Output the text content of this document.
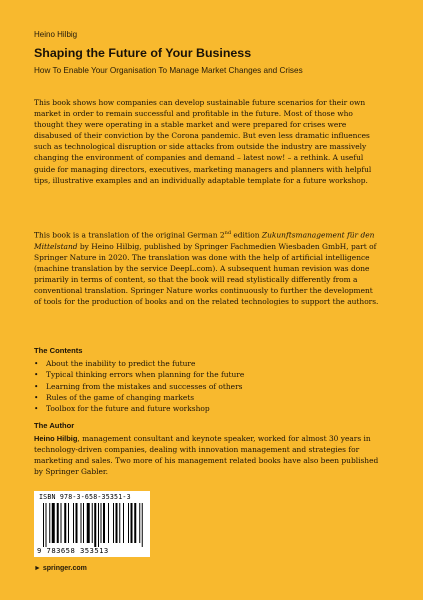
Heino Hilbig
Shaping the Future of Your Business
How To Enable Your Organisation To Manage Market Changes and Crises
This book shows how companies can develop sustainable future scenarios for their own market in order to remain successful and profitable in the future. Most of those who thought they were operating in a stable market and were prepared for crises were disabused of their conviction by the Corona pandemic. But even less dramatic influences such as technological disruption or side attacks from outside the industry are massively changing the environment of companies and demand – latest now! – a rethink. A useful guide for managing directors, executives, marketing managers and planners with helpful tips, illustrative examples and an individually adaptable template for a future workshop.
This book is a translation of the original German 2nd edition Zukunftsmanagement für den Mittelstand by Heino Hilbig, published by Springer Fachmedien Wiesbaden GmbH, part of Springer Nature in 2020. The translation was done with the help of artificial intelligence (machine translation by the service DeepL.com). A subsequent human revision was done primarily in terms of content, so that the book will read stylistically differently from a conventional translation. Springer Nature works continuously to further the development of tools for the production of books and on the related technologies to support the authors.
The Contents
• About the inability to predict the future
• Typical thinking errors when planning for the future
• Learning from the mistakes and successes of others
• Rules of the game of changing markets
• Toolbox for the future and future workshop
The Author
Heino Hilbig, management consultant and keynote speaker, worked for almost 30 years in technology-driven companies, dealing with innovation management and strategies for marketing and sales. Two more of his management related books have also been published by Springer Gabler.
ISBN 978-3-658-35351-3
9 783658 353513
► springer.com
